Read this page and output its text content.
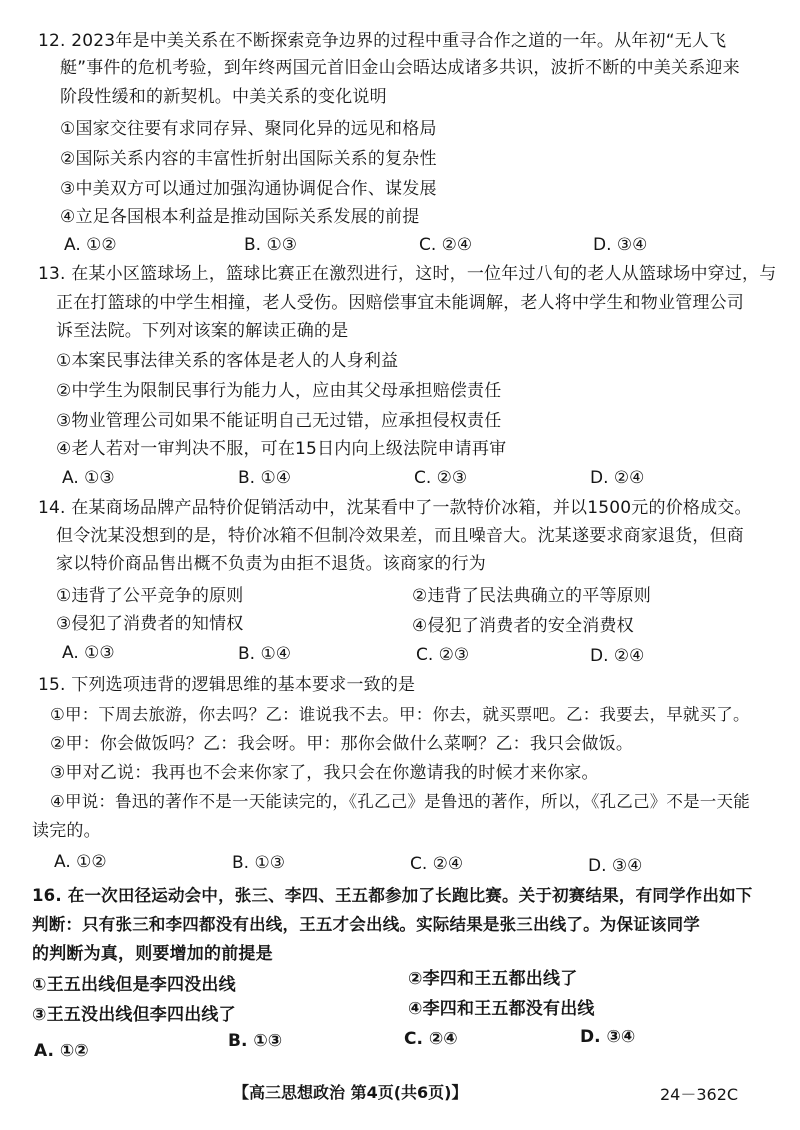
12. 2023年是中美关系在不断探索竞争边界的过程中重寻合作之道的一年。从年初“无人飞
艇”事件的危机考验，到年终两国元首旧金山会晤达成诸多共识，波折不断的中美关系迎来
阶段性缓和的新契机。中美关系的变化说明
①国家交往要有求同存异、聚同化异的远见和格局
②国际关系内容的丰富性折射出国际关系的复杂性
③中美双方可以通过加强沟通协调促合作、谋发展
④立足各国根本利益是推动国际关系发展的前提
A. ①②	B. ①③	C. ②④	D. ③④
13. 在某小区篮球场上，篮球比赛正在激烈进行，这时，一位年过八旬的老人从篮球场中穿过，与
正在打篮球的中学生相撞，老人受伤。因赔偿事宜未能调解，老人将中学生和物业管理公司
诉至法院。下列对该案的解读正确的是
①本案民事法律关系的客体是老人的人身利益
②中学生为限制民事行为能力人，应由其父母承担赔偿责任
③物业管理公司如果不能证明自己无过错，应承担侵权责任
④老人若对一审判决不服，可在15日内向上级法院申请再审
A. ①③	B. ①④	C. ②③	D. ②④
14. 在某商场品牌产品特价促销活动中，沈某看中了一款特价冰箱，并以1500元的价格成交。
但令沈某没想到的是，特价冰箱不但制冷效果差，而且噪音大。沈某遂要求商家退货，但商
家以特价商品售出概不负责为由拒不退货。该商家的行为
①违背了公平竞争的原则	②违背了民法典确立的平等原则
③侵犯了消费者的知情权	④侵犯了消费者的安全消费权
A. ①③	B. ①④	C. ②③	D. ②④
15. 下列选项违背的逻辑思维的基本要求一致的是
①甲：下周去旅游，你去吗？乙：谁说我不去。甲：你去，就买票吧。乙：我要去，早就买了。
②甲：你会做饭吗？乙：我会呀。甲：那你会做什么菜啊？乙：我只会做饭。
③甲对乙说：我再也不会来你家了，我只会在你邀请我的时候才来你家。
④甲说：鲁迅的著作不是一天能读完的，《孔乙己》是鲁迅的著作，所以，《孔乙己》不是一天能
读完的。
A. ①②	B. ①③	C. ②④	D. ③④
16. 在一次田径运动会中，张三、李四、王五都参加了长跑比赛。关于初赛结果，有同学作出如下
判断：只有张三和李四都没有出线，王五才会出线。实际结果是张三出线了。为保证该同学
的判断为真，则要增加的前提是
①王五出线但是李四没出线	②李四和王五都出线了
③王五没出线但李四出线了	④李四和王五都没有出线
A. ①②	B. ①③	C. ②④	D. ③④
【高三思想政治 第4页(共6页)】	24－362C
